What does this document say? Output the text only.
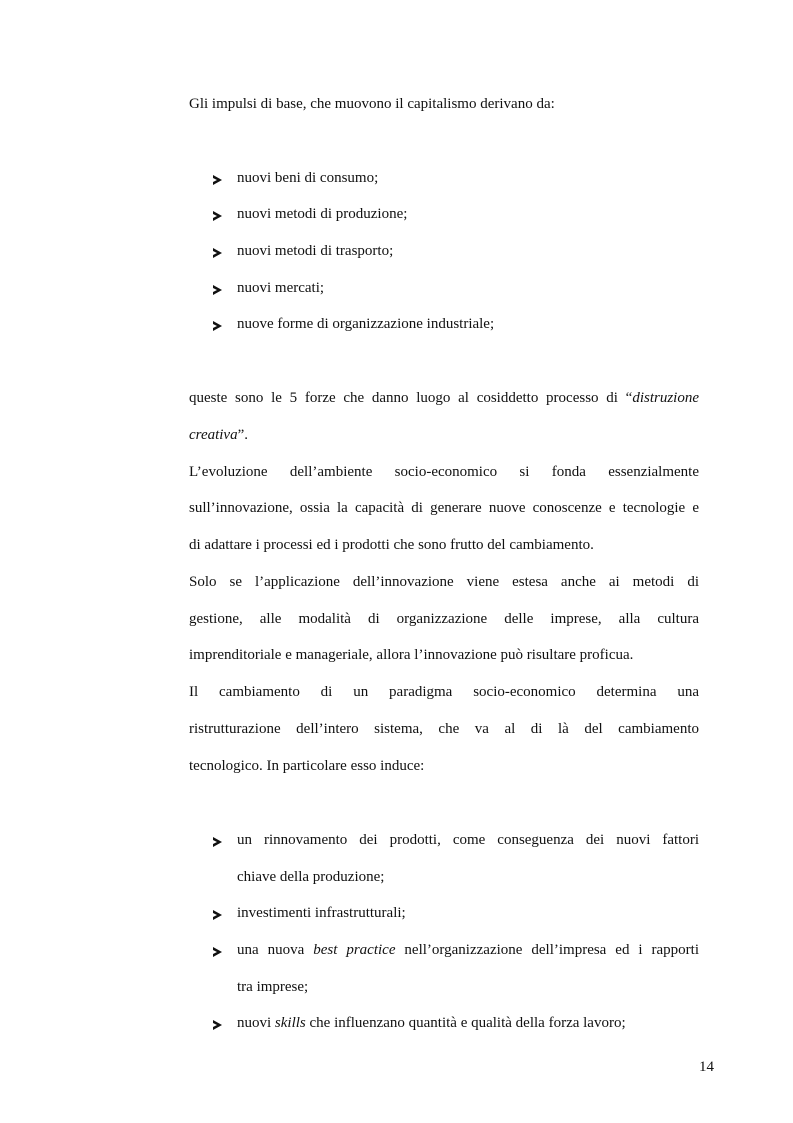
Gli impulsi di base, che muovono il capitalismo derivano da:
nuovi beni di consumo;
nuovi metodi di produzione;
nuovi metodi di trasporto;
nuovi mercati;
nuove forme di organizzazione industriale;
queste sono le 5 forze che danno luogo al cosiddetto processo di “distruzione
creativa”.
L’evoluzione dell’ambiente socio-economico si fonda essenzialmente
sull’innovazione, ossia la capacità di generare nuove conoscenze e tecnologie e
di adattare i processi ed i prodotti che sono frutto del cambiamento.
Solo se l’applicazione dell’innovazione viene estesa anche ai metodi di
gestione, alle modalità di organizzazione delle imprese, alla cultura
imprenditoriale e manageriale, allora l’innovazione può risultare proficua.
Il cambiamento di un paradigma socio-economico determina una
ristrutturazione dell’intero sistema, che va al di là del cambiamento
tecnologico. In particolare esso induce:
un rinnovamento dei prodotti, come conseguenza dei nuovi fattori
chiave della produzione;
investimenti infrastrutturali;
una nuova best practice nell’organizzazione dell’impresa ed i rapporti
tra imprese;
nuovi skills che influenzano quantità e qualità della forza lavoro;
14
